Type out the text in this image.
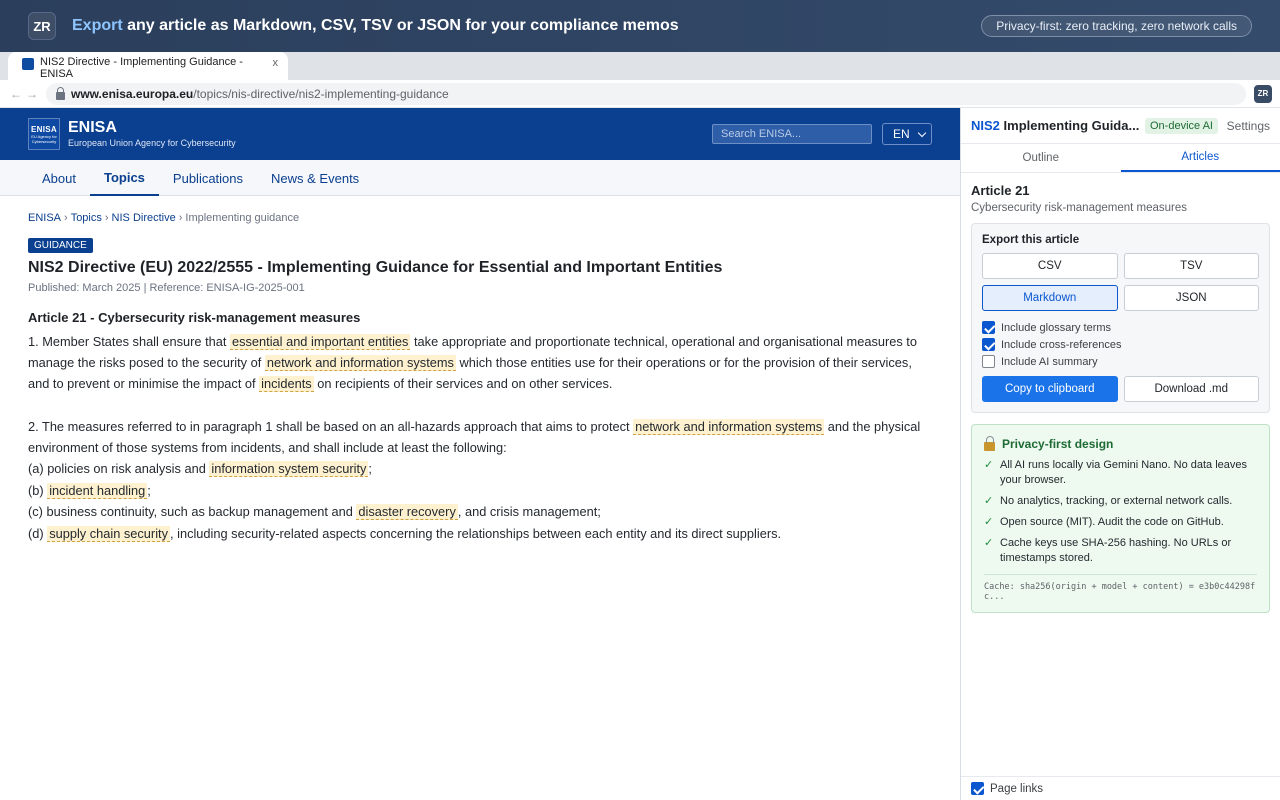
ZR	Export any article as Markdown, CSV, TSV or JSON for your compliance memos	Privacy-first: zero tracking, zero network calls
NIS2 Directive - Implementing Guidance - ENISA
x
← →	www.enisa.europa.eu /topics/nis-directive/nis2-implementing-guidance	ZR
ENISA
EU Agency for Cybersecurity
ENISA
European Union Agency for Cybersecurity
Search ENISA...	EN
About	Topics	Publications	News & Events
ENISA › Topics › NIS Directive › Implementing guidance
GUIDANCE
NIS2 Directive (EU) 2022/2555 - Implementing Guidance for Essential and Important Entities
Published: March 2025 | Reference: ENISA-IG-2025-001
Article 21 - Cybersecurity risk-management measures
1. Member States shall ensure that essential and important entities take appropriate and proportionate technical, operational and organisational measures to manage the risks posed to the security of network and information systems which those entities use for their operations or for the provision of their services, and to prevent or minimise the impact of incidents on recipients of their services and on other services.
2. The measures referred to in paragraph 1 shall be based on an all-hazards approach that aims to protect network and information systems and the physical environment of those systems from incidents, and shall include at least the following:
(a) policies on risk analysis and information system security ;
(b) incident handling ;
(c) business continuity, such as backup management and disaster recovery , and crisis management;
(d) supply chain security , including security-related aspects concerning the relationships between each entity and its direct suppliers.
NIS2 Implementing Guida... On-device AI	Settings
Outline	Articles
Article 21
Cybersecurity risk-management measures
Export this article
CSV	TSV
Markdown	JSON
Include glossary terms
Include cross-references
Include AI summary
Copy to clipboard	Download .md
Privacy-first design
✓ All AI runs locally via Gemini Nano. No data leaves your browser.
✓ No analytics, tracking, or external network calls.
✓ Open source (MIT). Audit the code on GitHub.
✓ Cache keys use SHA-256 hashing. No URLs or timestamps stored.
Cache: sha256(origin + model + content) = e3b0c44298fc...
Page links
